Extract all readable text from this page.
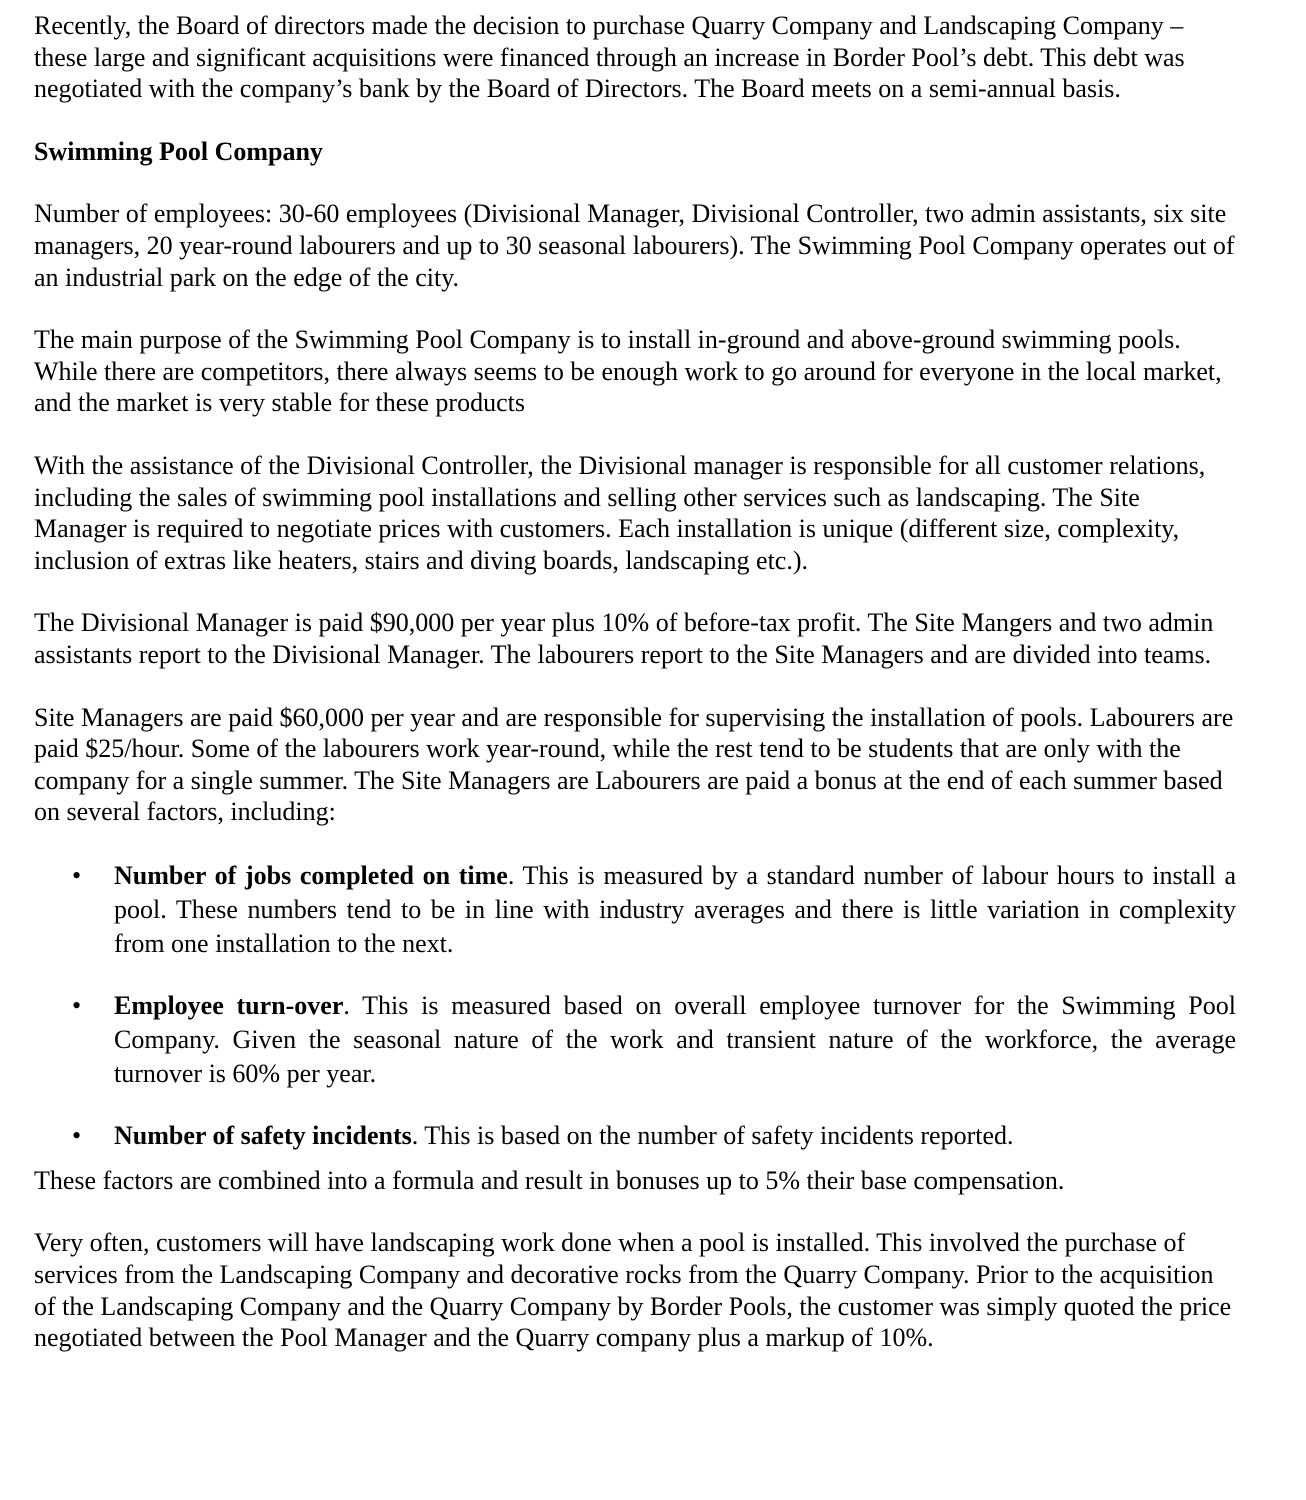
Recently, the Board of directors made the decision to purchase Quarry Company and Landscaping Company – these large and significant acquisitions were financed through an increase in Border Pool’s debt. This debt was negotiated with the company’s bank by the Board of Directors. The Board meets on a semi-annual basis.

Swimming Pool Company

Number of employees: 30-60 employees (Divisional Manager, Divisional Controller, two admin assistants, six site managers, 20 year-round labourers and up to 30 seasonal labourers). The Swimming Pool Company operates out of an industrial park on the edge of the city.

The main purpose of the Swimming Pool Company is to install in-ground and above-ground swimming pools. While there are competitors, there always seems to be enough work to go around for everyone in the local market, and the market is very stable for these products

With the assistance of the Divisional Controller, the Divisional manager is responsible for all customer relations, including the sales of swimming pool installations and selling other services such as landscaping. The Site Manager is required to negotiate prices with customers. Each installation is unique (different size, complexity, inclusion of extras like heaters, stairs and diving boards, landscaping etc.).

The Divisional Manager is paid $90,000 per year plus 10% of before-tax profit. The Site Mangers and two admin assistants report to the Divisional Manager. The labourers report to the Site Managers and are divided into teams.

Site Managers are paid $60,000 per year and are responsible for supervising the installation of pools. Labourers are paid $25/hour. Some of the labourers work year-round, while the rest tend to be students that are only with the company for a single summer. The Site Managers are Labourers are paid a bonus at the end of each summer based on several factors, including:

• Number of jobs completed on time. This is measured by a standard number of labour hours to install a pool. These numbers tend to be in line with industry averages and there is little variation in complexity from one installation to the next.
• Employee turn-over. This is measured based on overall employee turnover for the Swimming Pool Company. Given the seasonal nature of the work and transient nature of the workforce, the average turnover is 60% per year.
• Number of safety incidents. This is based on the number of safety incidents reported.

These factors are combined into a formula and result in bonuses up to 5% their base compensation.

Very often, customers will have landscaping work done when a pool is installed. This involved the purchase of services from the Landscaping Company and decorative rocks from the Quarry Company. Prior to the acquisition of the Landscaping Company and the Quarry Company by Border Pools, the customer was simply quoted the price negotiated between the Pool Manager and the Quarry company plus a markup of 10%.
